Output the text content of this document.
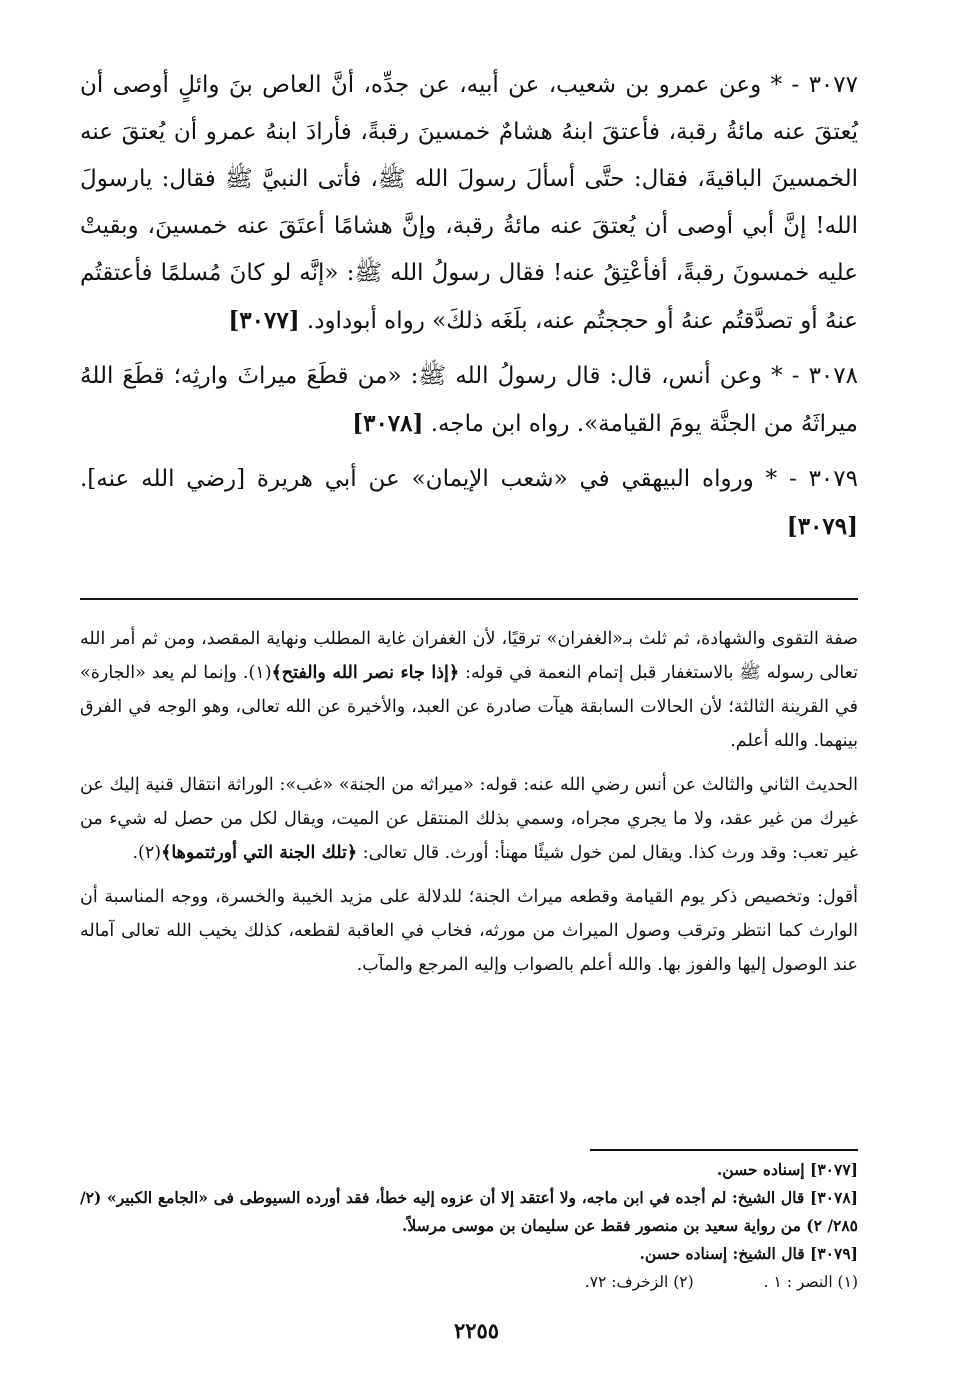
٣٠٧٧ - * وعن عمرو بن شعيب، عن أبيه، عن جدِّه، أنَّ العاص بنَ وائلٍ أوصى أن يُعتقَ عنه مائةُ رقبة، فأعتقَ ابنهُ هشامٌ خمسينَ رقبةً، فأرادَ ابنهُ عمرو أن يُعتقَ عنه الخمسينَ الباقيةَ، فقال: حتَّى أسألَ رسولَ الله ﷺ، فأتى النبيَّ ﷺ فقال: يارسولَ الله! إنَّ أبي أوصى أن يُعتقَ عنه مائةُ رقبة، وإنَّ هشامًا أعتَقَ عنه خمسينَ، وبقيتْ عليه خمسونَ رقبةً، أفأعْتِقُ عنه! فقال رسولُ الله ﷺ: «إنَّه لو كانَ مُسلمًا فأعتقتُم عنهُ أو تصدَّقتُم عنهُ أو حججتُم عنه، بلَغَه ذلكَ» رواه أبوداود. [٣٠٧٧]

٣٠٧٨ - * وعن أنس، قال: قال رسولُ الله ﷺ: «من قطَعَ ميراثَ وارثِه؛ قطَعَ اللهُ ميراثَهُ من الجنَّة يومَ القيامة». رواه ابن ماجه. [٣٠٧٨]

٣٠٧٩ - * ورواه البيهقي في «شعب الإيمان» عن أبي هريرة [رضي الله عنه]. [٣٠٧٩]

صفة التقوى والشهادة، ثم ثلث بـ«الغفران» ترقيًا، لأن الغفران غاية المطلب ونهاية المقصد، ومن ثم أمر الله تعالى رسوله ﷺ بالاستغفار قبل إتمام النعمة في قوله: ﴿إذا جاء نصر الله والفتح﴾(١). وإنما لم يعد «الجارة» في القرينة الثالثة؛ لأن الحالات السابقة هيآت صادرة عن العبد، والأخيرة عن الله تعالى، وهو الوجه في الفرق بينهما. والله أعلم.

الحديث الثاني والثالث عن أنس رضي الله عنه: قوله: «ميراثه من الجنة» «غب»: الوراثة انتقال قنية إليك عن غيرك من غير عقد، ولا ما يجري مجراه، وسمي بذلك المنتقل عن الميت، ويقال لكل من حصل له شيء من غير تعب: وقد ورث كذا. ويقال لمن خول شيئًا مهنأ: أورث. قال تعالى: ﴿تلك الجنة التي أورثتموها﴾(٢).

أقول: وتخصيص ذكر يوم القيامة وقطعه ميراث الجنة؛ للدلالة على مزيد الخيبة والخسرة، ووجه المناسبة أن الوارث كما انتظر وترقب وصول الميراث من مورثه، فخاب في العاقبة لقطعه، كذلك يخيب الله تعالى آماله عند الوصول إليها والفوز بها. والله أعلم بالصواب وإليه المرجع والمآب.

[٣٠٧٧] إسناده حسن.

[٣٠٧٨] قال الشيخ: لم أجده في ابن ماجه، ولا أعتقد إلا أن عزوه إليه خطأ، فقد أورده السيوطى فى «الجامع الكبير» (٢/ ٢٨٥/ ٢) من رواية سعيد بن منصور فقط عن سليمان بن موسى مرسلاً.

[٣٠٧٩] قال الشيخ: إسناده حسن.

(١) النصر : ١ .(٢) الزخرف: ٧٢.

٢٢٥٥
